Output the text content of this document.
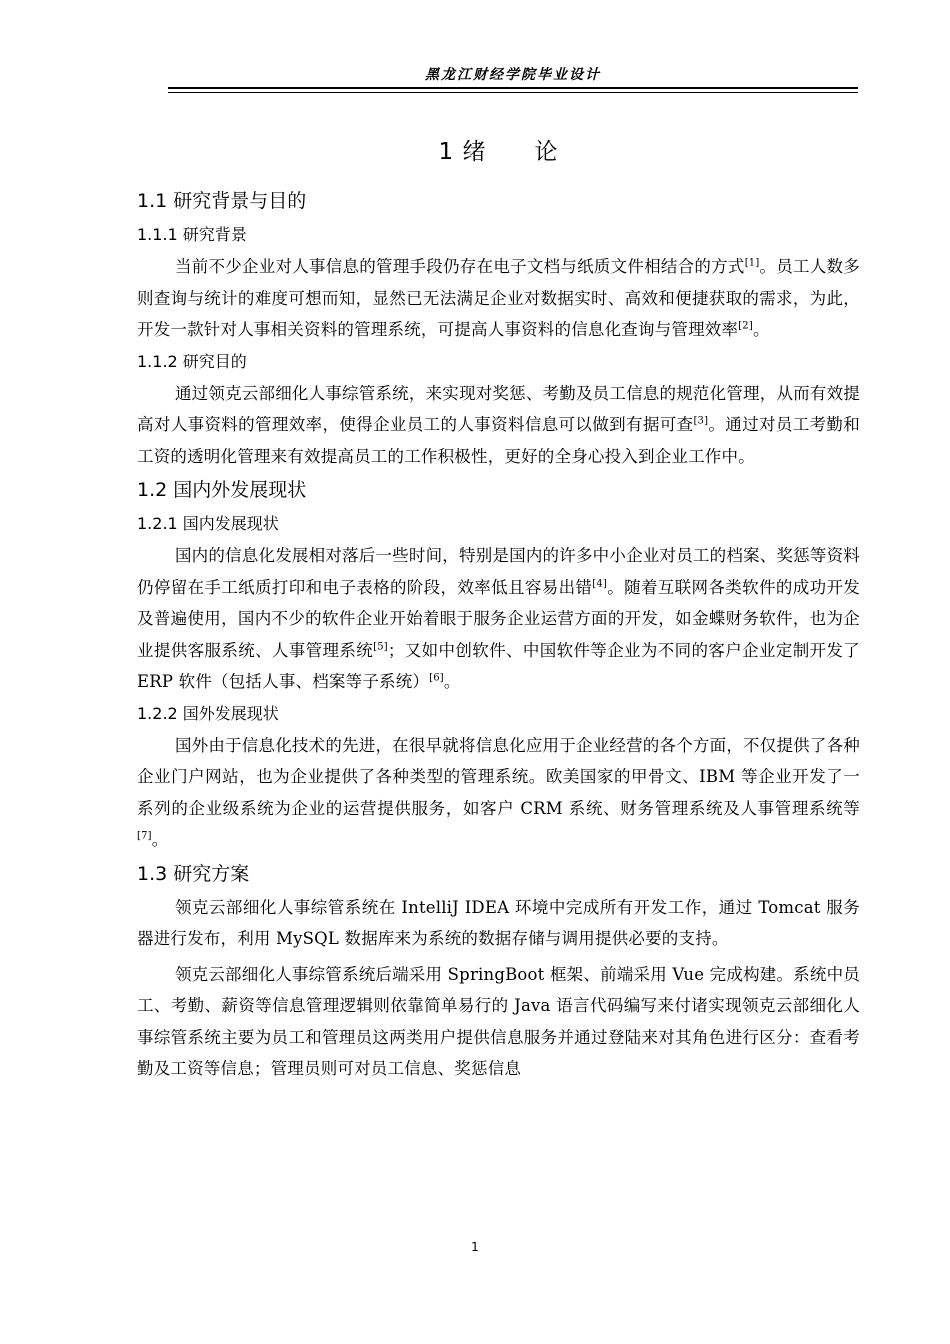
黑龙江财经学院毕业设计
1 绪　　论
1.1 研究背景与目的
1.1.1 研究背景

当前不少企业对人事信息的管理手段仍存在电子文档与纸质文件相结合的方式[1]。员工人数多则查询与统计的难度可想而知，显然已无法满足企业对数据实时、高效和便捷获取的需求，为此，开发一款针对人事相关资料的管理系统，可提高人事资料的信息化查询与管理效率[2]。

1.1.2 研究目的

通过领克云部细化人事综管系统，来实现对奖惩、考勤及员工信息的规范化管理，从而有效提高对人事资料的管理效率，使得企业员工的人事资料信息可以做到有据可查[3]。通过对员工考勤和工资的透明化管理来有效提高员工的工作积极性，更好的全身心投入到企业工作中。

1.2 国内外发展现状
1.2.1 国内发展现状

国内的信息化发展相对落后一些时间，特别是国内的许多中小企业对员工的档案、奖惩等资料仍停留在手工纸质打印和电子表格的阶段，效率低且容易出错[4]。随着互联网各类软件的成功开发及普遍使用，国内不少的软件企业开始着眼于服务企业运营方面的开发，如金蝶财务软件，也为企业提供客服系统、人事管理系统[5]；又如中创软件、中国软件等企业为不同的客户企业定制开发了 ERP 软件（包括人事、档案等子系统）[6]。

1.2.2 国外发展现状

国外由于信息化技术的先进，在很早就将信息化应用于企业经营的各个方面，不仅提供了各种企业门户网站，也为企业提供了各种类型的管理系统。欧美国家的甲骨文、IBM 等企业开发了一系列的企业级系统为企业的运营提供服务，如客户 CRM 系统、财务管理系统及人事管理系统等[7]。

1.3 研究方案

领克云部细化人事综管系统在 IntelliJ IDEA 环境中完成所有开发工作，通过 Tomcat 服务器进行发布，利用 MySQL 数据库来为系统的数据存储与调用提供必要的支持。

领克云部细化人事综管系统后端采用 SpringBoot 框架、前端采用 Vue 完成构建。系统中员工、考勤、薪资等信息管理逻辑则依靠简单易行的 Java 语言代码编写来付诸实现领克云部细化人事综管系统主要为员工和管理员这两类用户提供信息服务并通过登陆来对其角色进行区分：查看考勤及工资等信息；管理员则可对员工信息、奖惩信息

1
